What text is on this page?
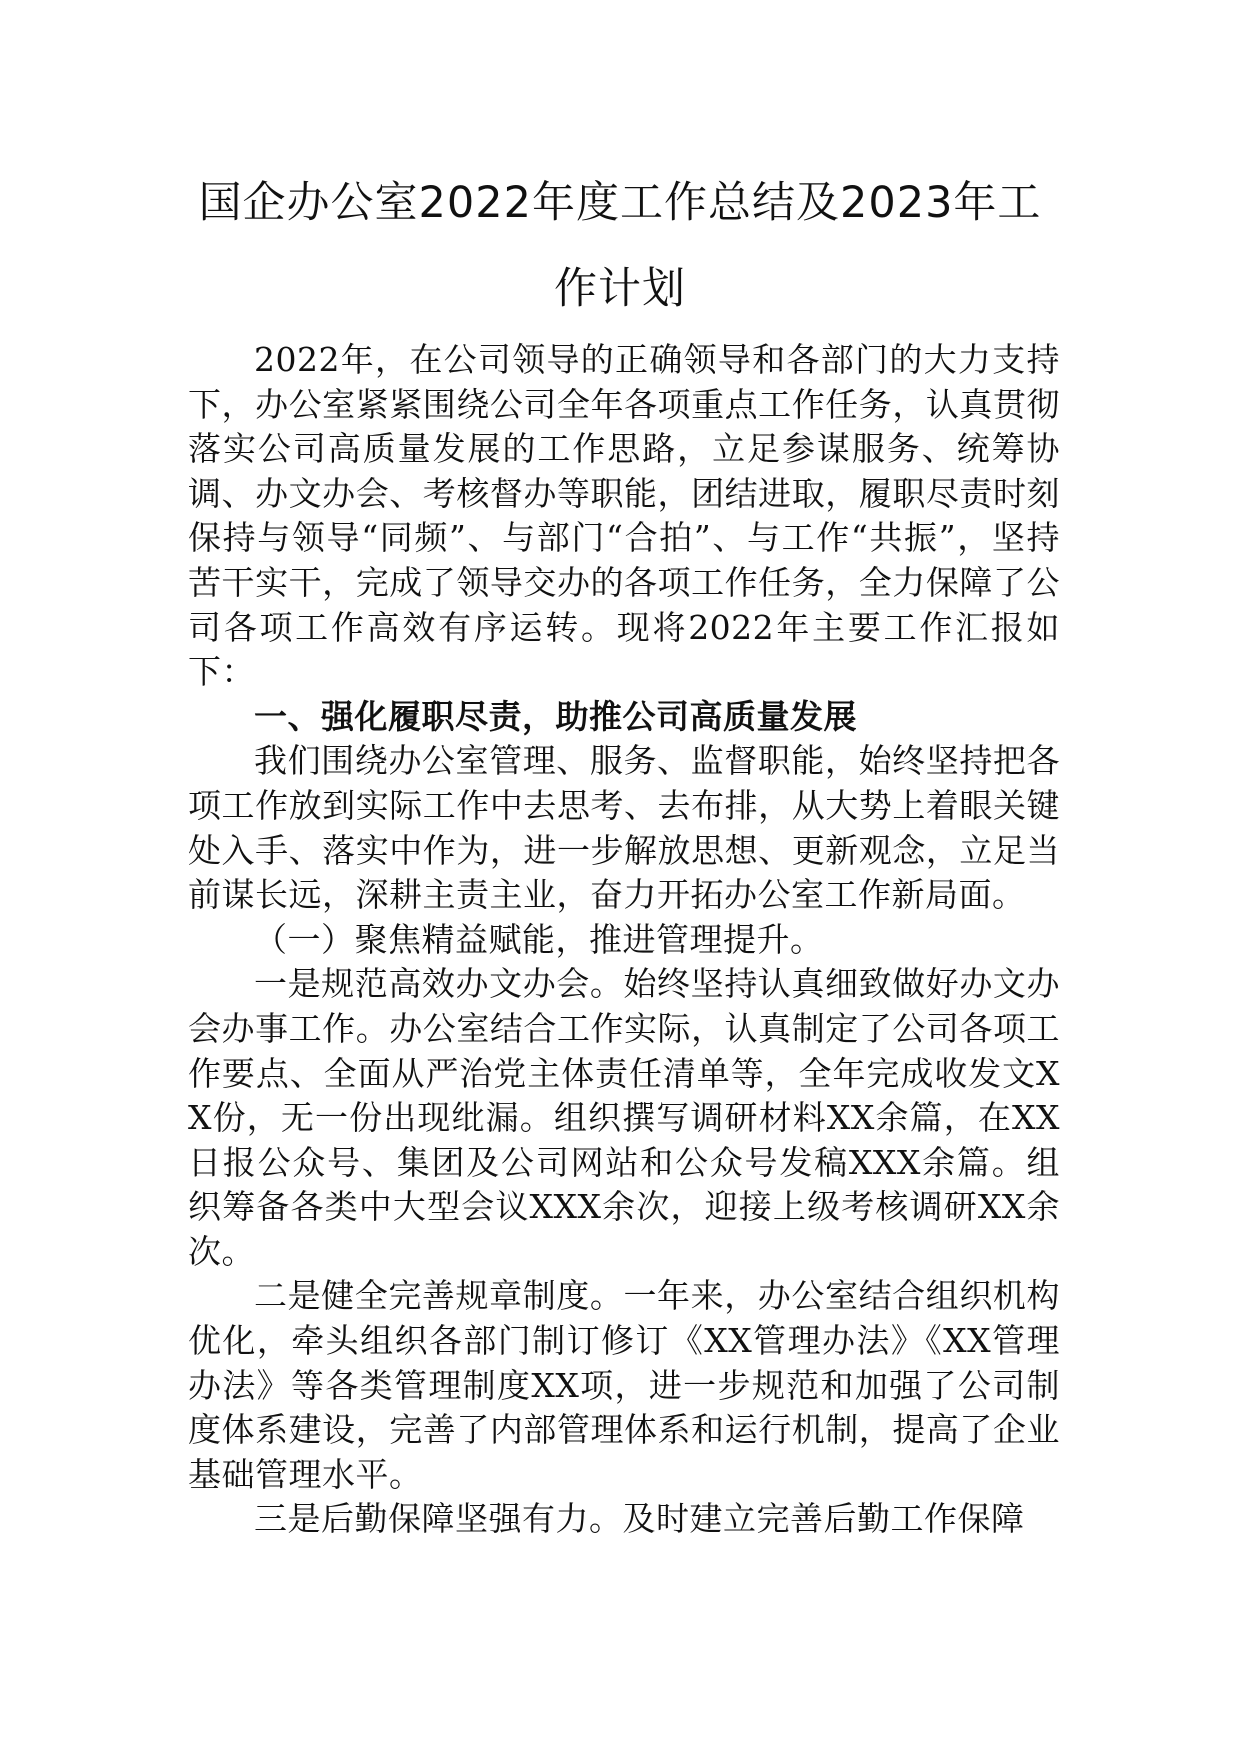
国企办公室2022年度工作总结及2023年工作计划

2022年，在公司领导的正确领导和各部门的大力支持下，办公室紧紧围绕公司全年各项重点工作任务，认真贯彻落实公司高质量发展的工作思路，立足参谋服务、统筹协调、办文办会、考核督办等职能，团结进取，履职尽责时刻保持与领导“同频”、与部门“合拍”、与工作“共振”，坚持苦干实干，完成了领导交办的各项工作任务，全力保障了公司各项工作高效有序运转。现将2022年主要工作汇报如下：

一、强化履职尽责，助推公司高质量发展

我们围绕办公室管理、服务、监督职能，始终坚持把各项工作放到实际工作中去思考、去布排，从大势上着眼关键处入手、落实中作为，进一步解放思想、更新观念，立足当前谋长远，深耕主责主业，奋力开拓办公室工作新局面。

（一）聚焦精益赋能，推进管理提升。

一是规范高效办文办会。始终坚持认真细致做好办文办会办事工作。办公室结合工作实际，认真制定了公司各项工作要点、全面从严治党主体责任清单等，全年完成收发文XX份，无一份出现纰漏。组织撰写调研材料XX余篇，在XX日报公众号、集团及公司网站和公众号发稿XXX余篇。组织筹备各类中大型会议XXX余次，迎接上级考核调研XX余次。

二是健全完善规章制度。一年来，办公室结合组织机构优化，牵头组织各部门制订修订《XX管理办法》《XX管理办法》等各类管理制度XX项，进一步规范和加强了公司制度体系建设，完善了内部管理体系和运行机制，提高了企业基础管理水平。

三是后勤保障坚强有力。及时建立完善后勤工作保障
